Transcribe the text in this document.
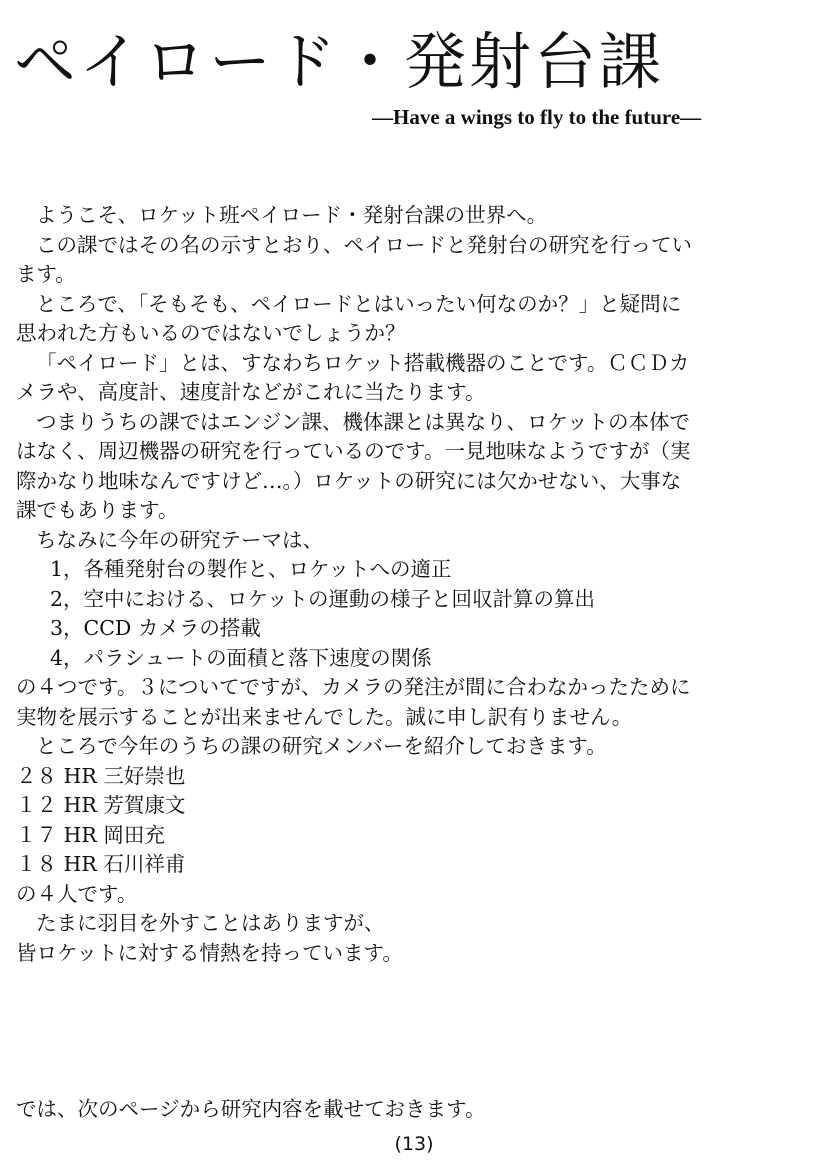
ペイロード・発射台課
—Have a wings to fly to the future—
ようこそ、ロケット班ペイロード・発射台課の世界へ。
この課ではその名の示すとおり、ペイロードと発射台の研究を行ってい
ます。
ところで、「そもそも、ペイロードとはいったい何なのか？」と疑問に
思われた方もいるのではないでしょうか？
「ペイロード」とは、すなわちロケット搭載機器のことです。ＣＣＤカ
メラや、高度計、速度計などがこれに当たります。
つまりうちの課ではエンジン課、機体課とは異なり、ロケットの本体で
はなく、周辺機器の研究を行っているのです。一見地味なようですが（実
際かなり地味なんですけど…。）ロケットの研究には欠かせない、大事な
課でもあります。
ちなみに今年の研究テーマは、
1，各種発射台の製作と、ロケットへの適正
2，空中における、ロケットの運動の様子と回収計算の算出
3，CCD カメラの搭載
4，パラシュートの面積と落下速度の関係
の４つです。３についてですが、カメラの発注が間に合わなかったために
実物を展示することが出来ませんでした。誠に申し訳有りません。
ところで今年のうちの課の研究メンバーを紹介しておきます。
２８ HR 三好崇也
１２ HR 芳賀康文
１７ HR 岡田充
１８ HR 石川祥甫
の４人です。
たまに羽目を外すことはありますが、
皆ロケットに対する情熱を持っています。
では、次のページから研究内容を載せておきます。
(13)
